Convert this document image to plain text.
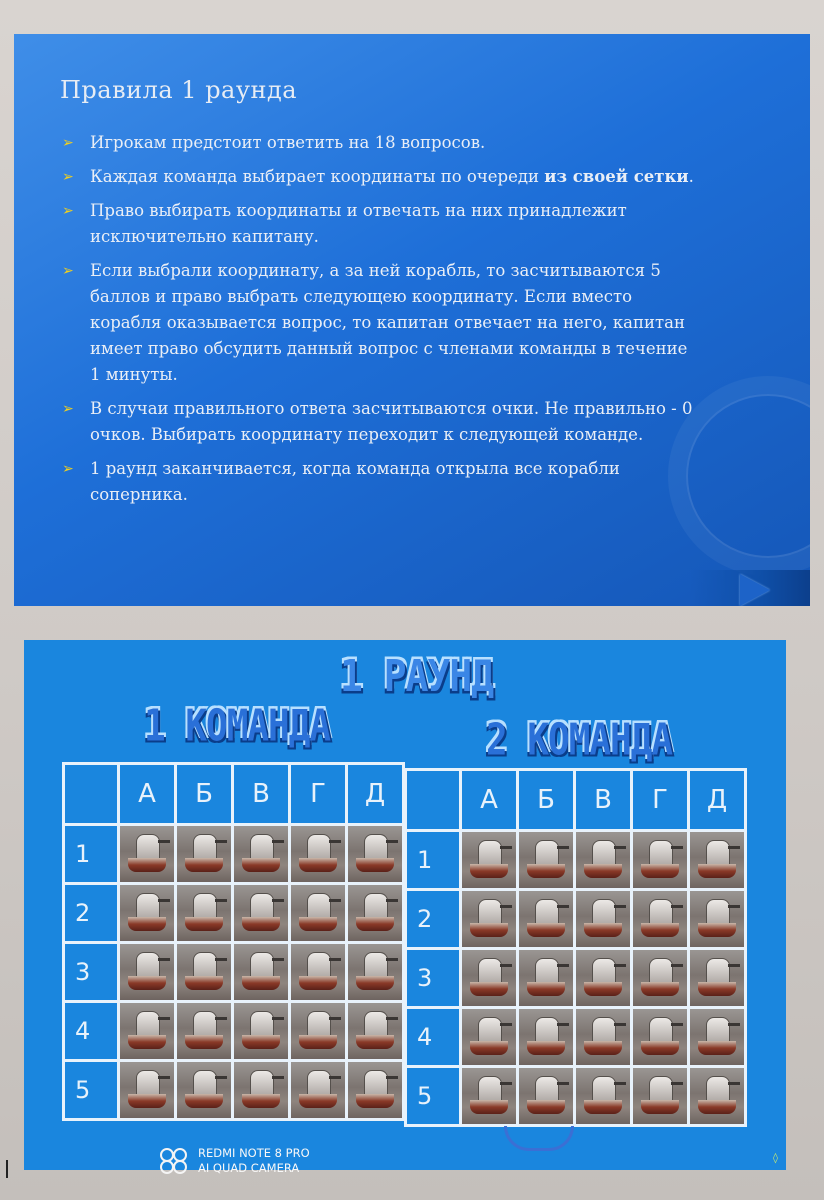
Правила 1 раунда
➢ Игрокам предстоит ответить на 18 вопросов.
➢ Каждая команда выбирает координаты по очереди из своей сетки.
➢ Право выбирать координаты и отвечать на них принадлежит исключительно капитану.
➢ Если выбрали координату, а за ней корабль, то засчитываются 5 баллов и право выбрать следующею координату. Если вместо корабля оказывается вопрос, то капитан отвечает на него, капитан имеет право обсудить данный вопрос с членами команды в течение 1 минуты.
➢ В случаи правильного ответа засчитываются очки. Не правильно - 0 очков. Выбирать координату переходит к следующей команде.
➢ 1 раунд заканчивается, когда команда открыла все корабли соперника.
1 РАУНД
1 КОМАНДА	2 КОМАНДА
А	Б	В	Г	Д
1
2
3
4
5
А	Б	В	Г	Д
1
2
3
4
5
◊
REDMI NOTE 8 PRO
AI QUAD CAMERA
